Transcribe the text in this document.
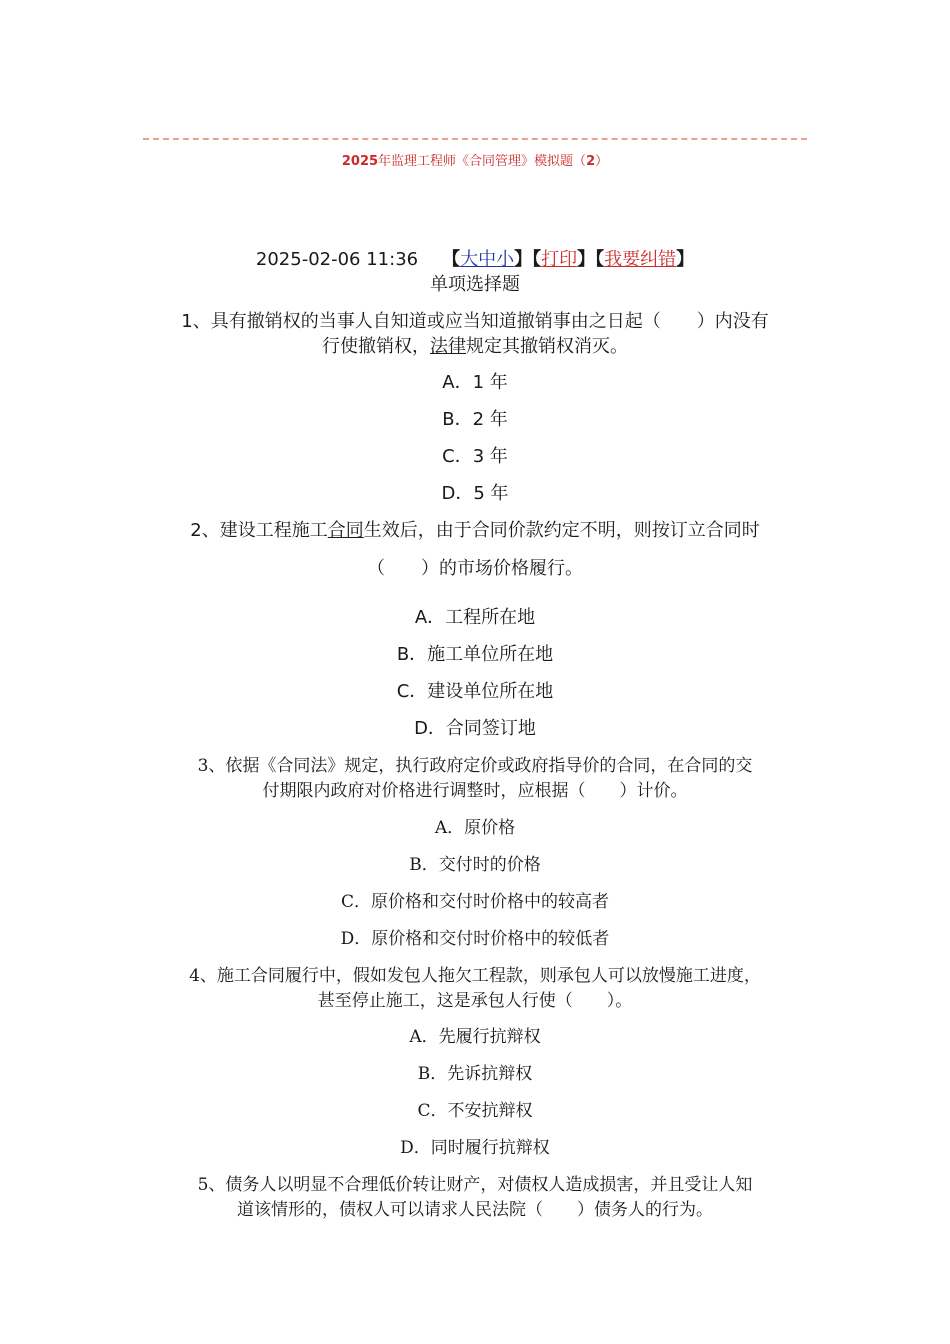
2025年监理工程师《合同管理》模拟题（2）
2025-02-06 11:36 【大中小】【打印】【我要纠错】
单项选择题
1、具有撤销权的当事人自知道或应当知道撤销事由之日起（　　）内没有
行使撤销权，法律规定其撤销权消灭。
A．1 年
B．2 年
C．3 年
D．5 年
2、建设工程施工合同生效后，由于合同价款约定不明，则按订立合同时
（　　）的市场价格履行。
A．工程所在地
B．施工单位所在地
C．建设单位所在地
D．合同签订地
3、依据《合同法》规定，执行政府定价或政府指导价的合同，在合同的交
付期限内政府对价格进行调整时，应根据（　　）计价。
A．原价格
B．交付时的价格
C．原价格和交付时价格中的较高者
D．原价格和交付时价格中的较低者
4、施工合同履行中，假如发包人拖欠工程款，则承包人可以放慢施工进度，
甚至停止施工，这是承包人行使（　　）。
A．先履行抗辩权
B．先诉抗辩权
C．不安抗辩权
D．同时履行抗辩权
5、债务人以明显不合理低价转让财产，对债权人造成损害，并且受让人知
道该情形的，债权人可以请求人民法院（　　）债务人的行为。
